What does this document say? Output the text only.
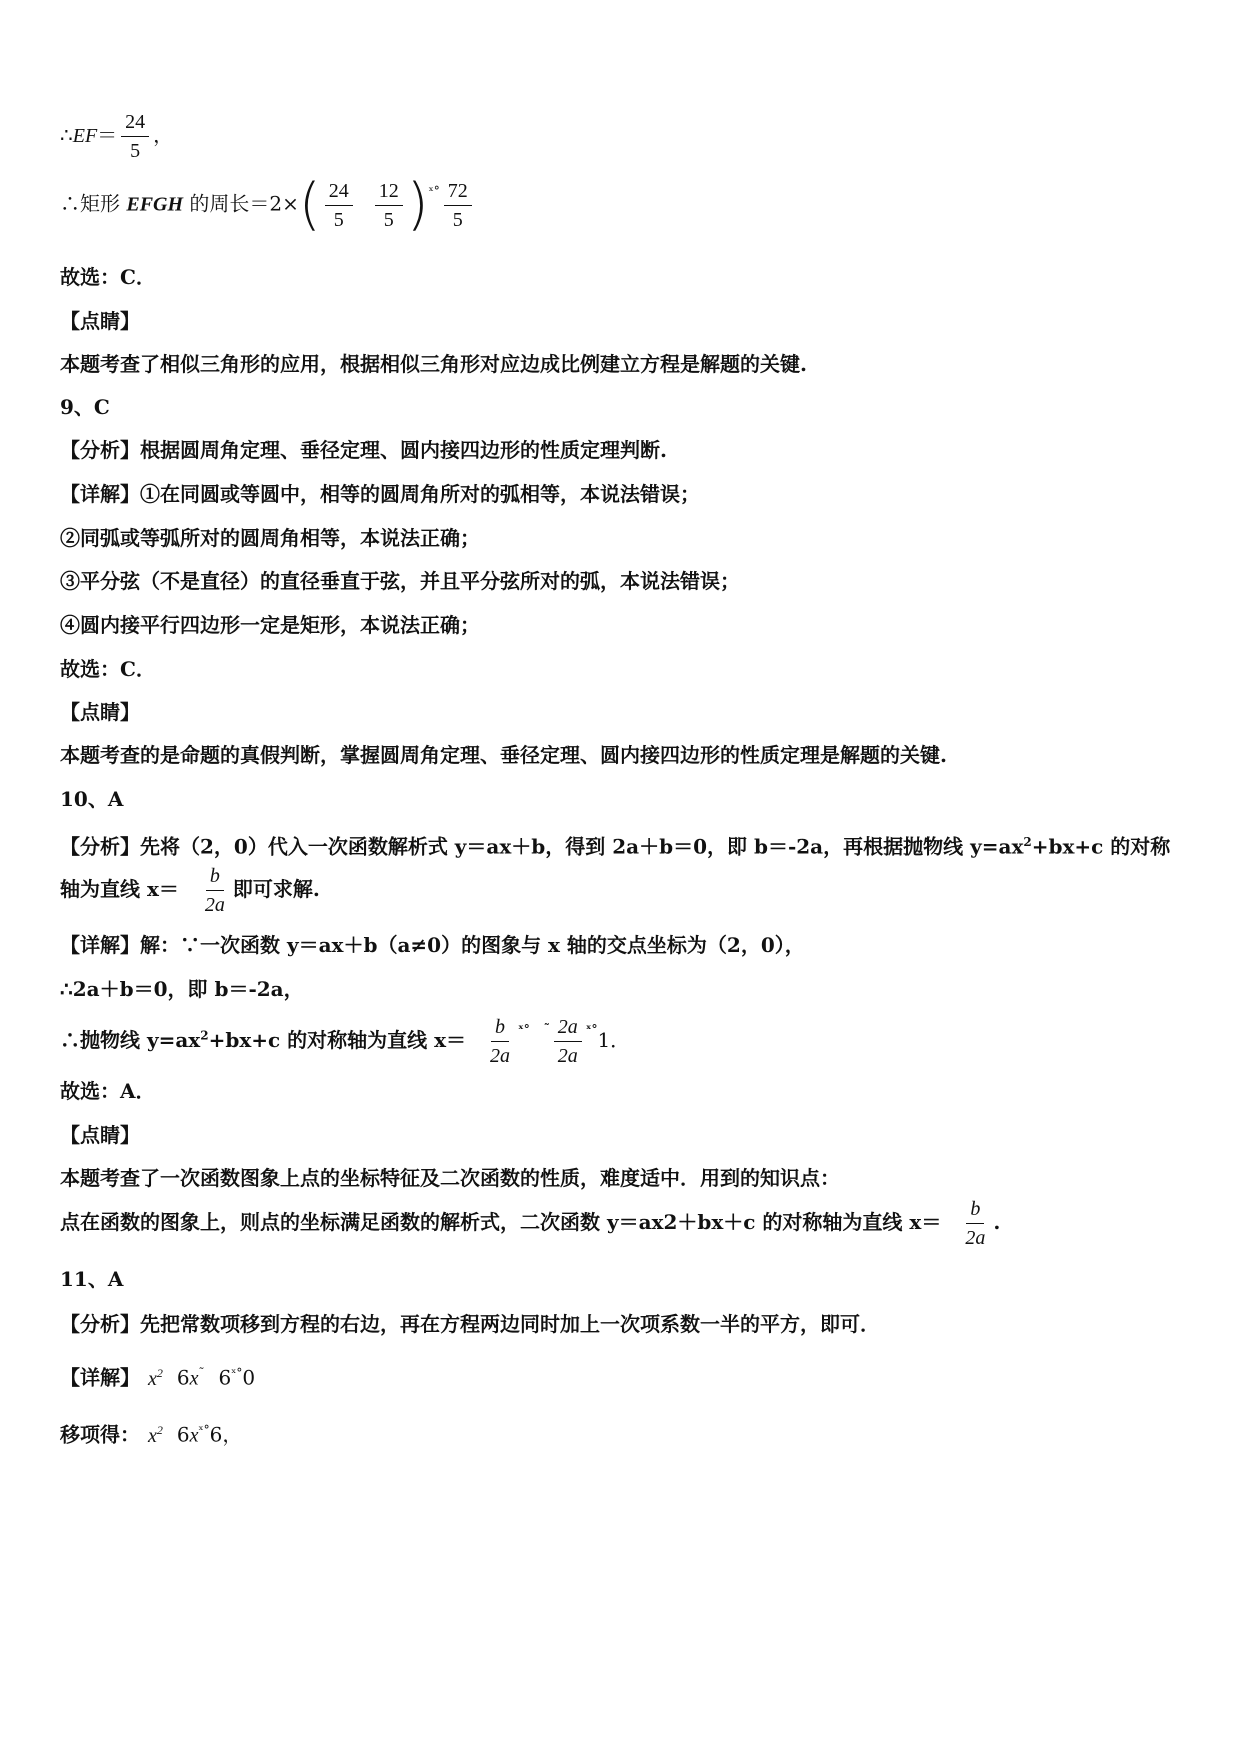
∴EF＝ $\frac{24}{5}$ ，
∴矩形 EFGH 的周长$=2\times( \frac{24}{5} \frac{12}{5} )^{ˣ^\circ} \frac{72}{5}$
故选：C．
【点睛】
本题考查了相似三角形的应用，根据相似三角形对应边成比例建立方程是解题的关键.
9、C
【分析】根据圆周角定理、垂径定理、圆内接四边形的性质定理判断.
【详解】①在同圆或等圆中，相等的圆周角所对的弧相等，本说法错误；
②同弧或等弧所对的圆周角相等，本说法正确；
③平分弦（不是直径）的直径垂直于弦，并且平分弦所对的弧，本说法错误；
④圆内接平行四边形一定是矩形，本说法正确；
故选：C．
【点睛】
本题考查的是命题的真假判断，掌握圆周角定理、垂径定理、圆内接四边形的性质定理是解题的关键.
10、A
【分析】先将（2，0）代入一次函数解析式 y＝ax＋b，得到 2a＋b＝0，即 b＝-2a，再根据抛物线 $y=ax^2+bx+c$ 的对称
轴为直线 $x= \frac{b}{2a}$ 即可求解.
【详解】解：∵一次函数 y＝ax＋b（a≠0）的图象与 x 轴的交点坐标为（2，0），
∴2a＋b＝0，即 b＝-2a，
∴抛物线 $y=ax^2+bx+c$ 的对称轴为直线 $x= \frac{b}{2a} ^{ˣ^\circ}$ $^˜ \frac{2a}{2a} ^{ˣ^\circ}1$．
故选：A．
【点睛】
本题考查了一次函数图象上点的坐标特征及二次函数的性质，难度适中．用到的知识点：
点在函数的图象上，则点的坐标满足函数的解析式，二次函数 y＝ax2＋bx＋c 的对称轴为直线 $x= \frac{b}{2a}$ .
11、A
【分析】先把常数项移到方程的右边，再在方程两边同时加上一次项系数一半的平方，即可．
【详解】 $x^2$ 6x˜ $6^{ˣ^\circ}0$
移项得： $x^2$ $6x^{ˣ^\circ}6$，
